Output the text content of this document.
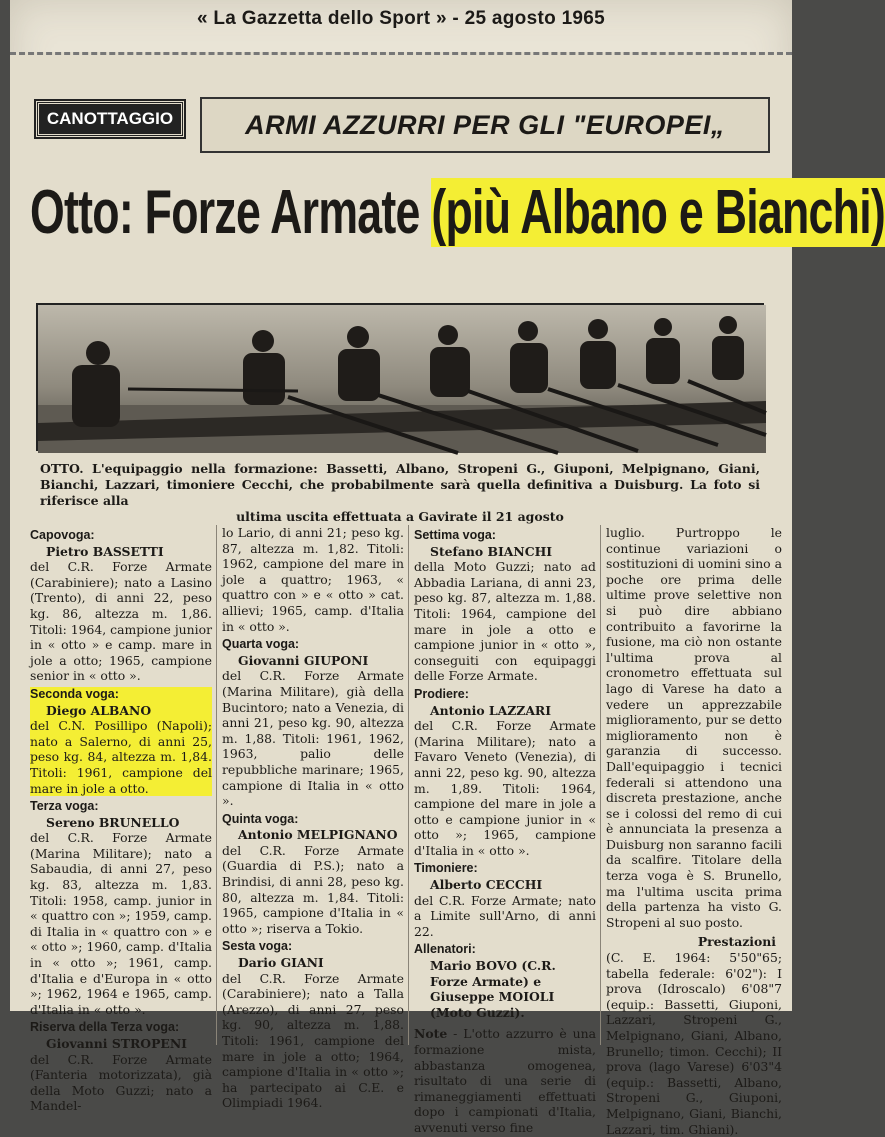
« La Gazzetta dello Sport » - 25 agosto 1965
CANOTTAGGIO	ARMI AZZURRI PER GLI "EUROPEI„
Otto: Forze Armate (più Albano e Bianchi)
OTTO. L'equipaggio nella formazione: Bassetti, Albano, Stropeni G., Giuponi, Melpignano, Giani, Bianchi, Lazzari, timoniere Cecchi, che probabilmente sarà quella definitiva a Duisburg. La foto si riferisce alla
ultima uscita effettuata a Gavirate il 21 agosto
Capovoga:
Pietro BASSETTI
del C.R. Forze Armate (Carabiniere); nato a Lasino (Trento), di anni 22, peso kg. 86, altezza m. 1,86. Titoli: 1964, campione junior in « otto » e camp. mare in jole a otto; 1965, campione senior in « otto ».
Seconda voga:
Diego ALBANO
del C.N. Posillipo (Napoli); nato a Salerno, di anni 25, peso kg. 84, altezza m. 1,84. Titoli: 1961, campione del mare in jole a otto.
Terza voga:
Sereno BRUNELLO
del C.R. Forze Armate (Marina Militare); nato a Sabaudia, di anni 27, peso kg. 83, altezza m. 1,83. Titoli: 1958, camp. junior in « quattro con »; 1959, camp. di Italia in « quattro con » e « otto »; 1960, camp. d'Italia in « otto »; 1961, camp. d'Italia e d'Europa in « otto »; 1962, 1964 e 1965, camp. d'Italia in « otto ».
Riserva della Terza voga:
Giovanni STROPENI
del C.R. Forze Armate (Fanteria motorizzata), già della Moto Guzzi; nato a Mandel-
lo Lario, di anni 21; peso kg. 87, altezza m. 1,82. Titoli: 1962, campione del mare in jole a quattro; 1963, « quattro con » e « otto » cat. allievi; 1965, camp. d'Italia in « otto ».
Quarta voga:
Giovanni GIUPONI
del C.R. Forze Armate (Marina Militare), già della Bucintoro; nato a Venezia, di anni 21, peso kg. 90, altezza m. 1,88. Titoli: 1961, 1962, 1963, palio delle repubbliche marinare; 1965, campione di Italia in « otto ».
Quinta voga:
Antonio MELPIGNANO
del C.R. Forze Armate (Guardia di P.S.); nato a Brindisi, di anni 28, peso kg. 80, altezza m. 1,84. Titoli: 1965, campione d'Italia in « otto »; riserva a Tokio.
Sesta voga:
Dario GIANI
del C.R. Forze Armate (Carabiniere); nato a Talla (Arezzo), di anni 27, peso kg. 90, altezza m. 1,88. Titoli: 1961, campione del mare in jole a otto; 1964, campione d'Italia in « otto »; ha partecipato ai C.E. e Olimpiadi 1964.
Settima voga:
Stefano BIANCHI
della Moto Guzzi; nato ad Abbadia Lariana, di anni 23, peso kg. 87, altezza m. 1,88. Titoli: 1964, campione del mare in jole a otto e campione junior in « otto », conseguiti con equipaggi delle Forze Armate.
Prodiere:
Antonio LAZZARI
del C.R. Forze Armate (Marina Militare); nato a Favaro Veneto (Venezia), di anni 22, peso kg. 90, altezza m. 1,89. Titoli: 1964, campione del mare in jole a otto e campione junior in « otto »; 1965, campione d'Italia in « otto ».
Timoniere:
Alberto CECCHI
del C.R. Forze Armate; nato a Limite sull'Arno, di anni 22.
Allenatori:
Mario BOVO (C.R. Forze Armate) e Giuseppe MOIOLI (Moto Guzzi).
Note - L'otto azzurro è una formazione mista, abbastanza omogenea, risultato di una serie di rimaneggiamenti effettuati dopo i campionati d'Italia, avvenuti verso fine
luglio. Purtroppo le continue variazioni o sostituzioni di uomini sino a poche ore prima delle ultime prove selettive non si può dire abbiano contribuito a favorirne la fusione, ma ciò non ostante l'ultima prova al cronometro effettuata sul lago di Varese ha dato a vedere un apprezzabile miglioramento, pur se detto miglioramento non è garanzia di successo. Dall'equipaggio i tecnici federali si attendono una discreta prestazione, anche se i colossi del remo di cui è annunciata la presenza a Duisburg non saranno facili da scalfire. Titolare della terza voga è S. Brunello, ma l'ultima uscita prima della partenza ha visto G. Stropeni al suo posto.
Prestazioni
(C. E. 1964: 5'50"65; tabella federale: 6'02"): I prova (Idroscalo) 6'08"7 (equip.: Bassetti, Giuponi, Lazzari, Stropeni G., Melpignano, Giani, Albano, Brunello; timon. Cecchi); II prova (lago Varese) 6'03"4 (equip.: Bassetti, Albano, Stropeni G., Giuponi, Melpignano, Giani, Bianchi, Lazzari, tim. Ghiani).
